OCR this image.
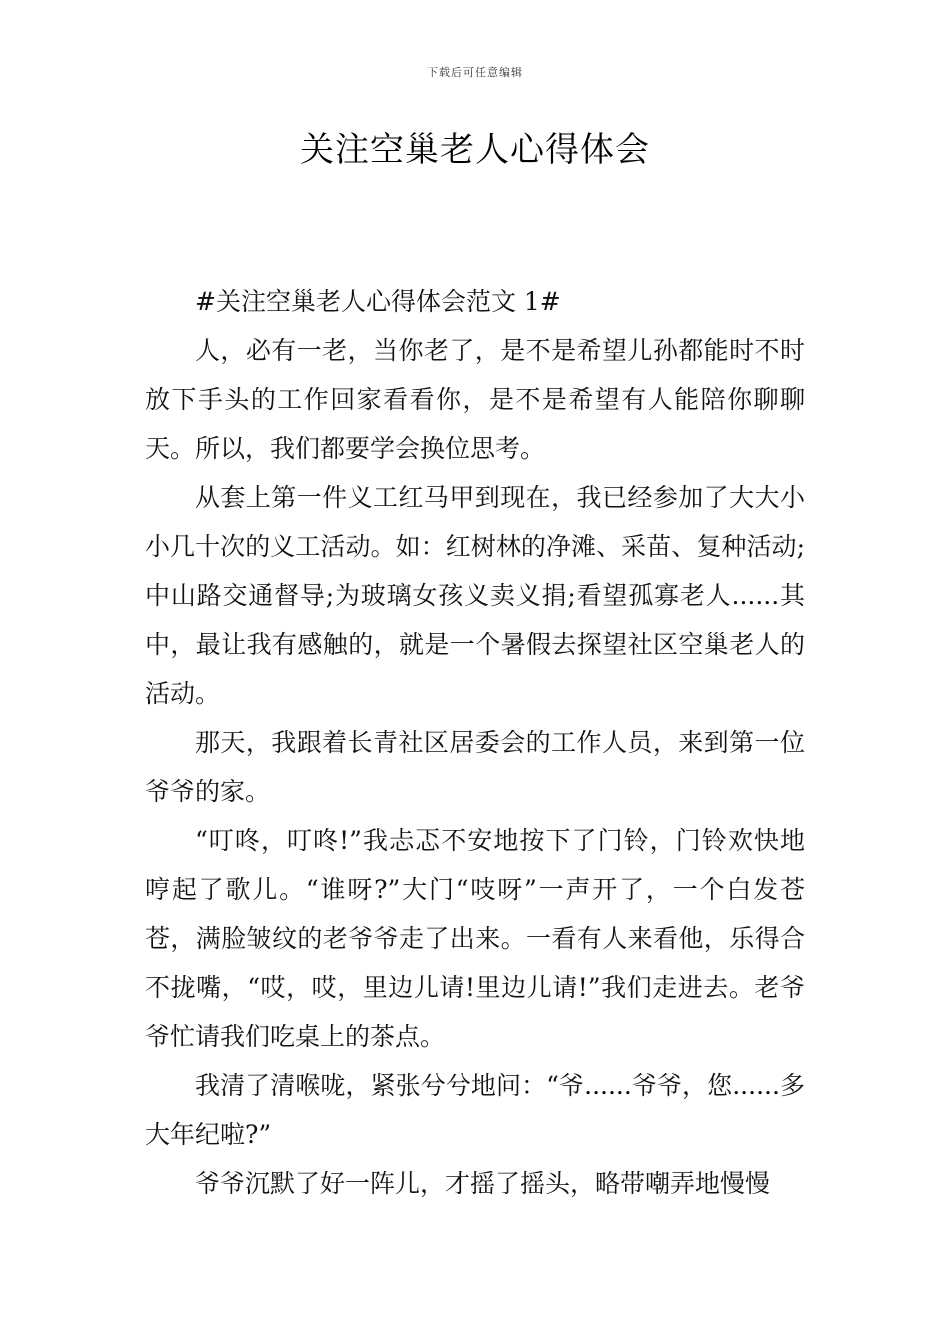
下载后可任意编辑
关注空巢老人心得体会

#关注空巢老人心得体会范文 1#

人，必有一老，当你老了，是不是希望儿孙都能时不时放下手头的工作回家看看你，是不是希望有人能陪你聊聊天。所以，我们都要学会换位思考。

从套上第一件义工红马甲到现在，我已经参加了大大小小几十次的义工活动。如：红树林的净滩、采苗、复种活动;中山路交通督导;为玻璃女孩义卖义捐;看望孤寡老人......其中，最让我有感触的，就是一个暑假去探望社区空巢老人的活动。

那天，我跟着长青社区居委会的工作人员，来到第一位爷爷的家。

“叮咚，叮咚!”我忐忑不安地按下了门铃，门铃欢快地哼起了歌儿。“谁呀?”大门“吱呀”一声开了，一个白发苍苍，满脸皱纹的老爷爷走了出来。一看有人来看他，乐得合不拢嘴，“哎，哎，里边儿请!里边儿请!”我们走进去。老爷爷忙请我们吃桌上的茶点。

我清了清喉咙，紧张兮兮地问：“爷......爷爷，您......多大年纪啦?”

爷爷沉默了好一阵儿，才摇了摇头，略带嘲弄地慢慢
